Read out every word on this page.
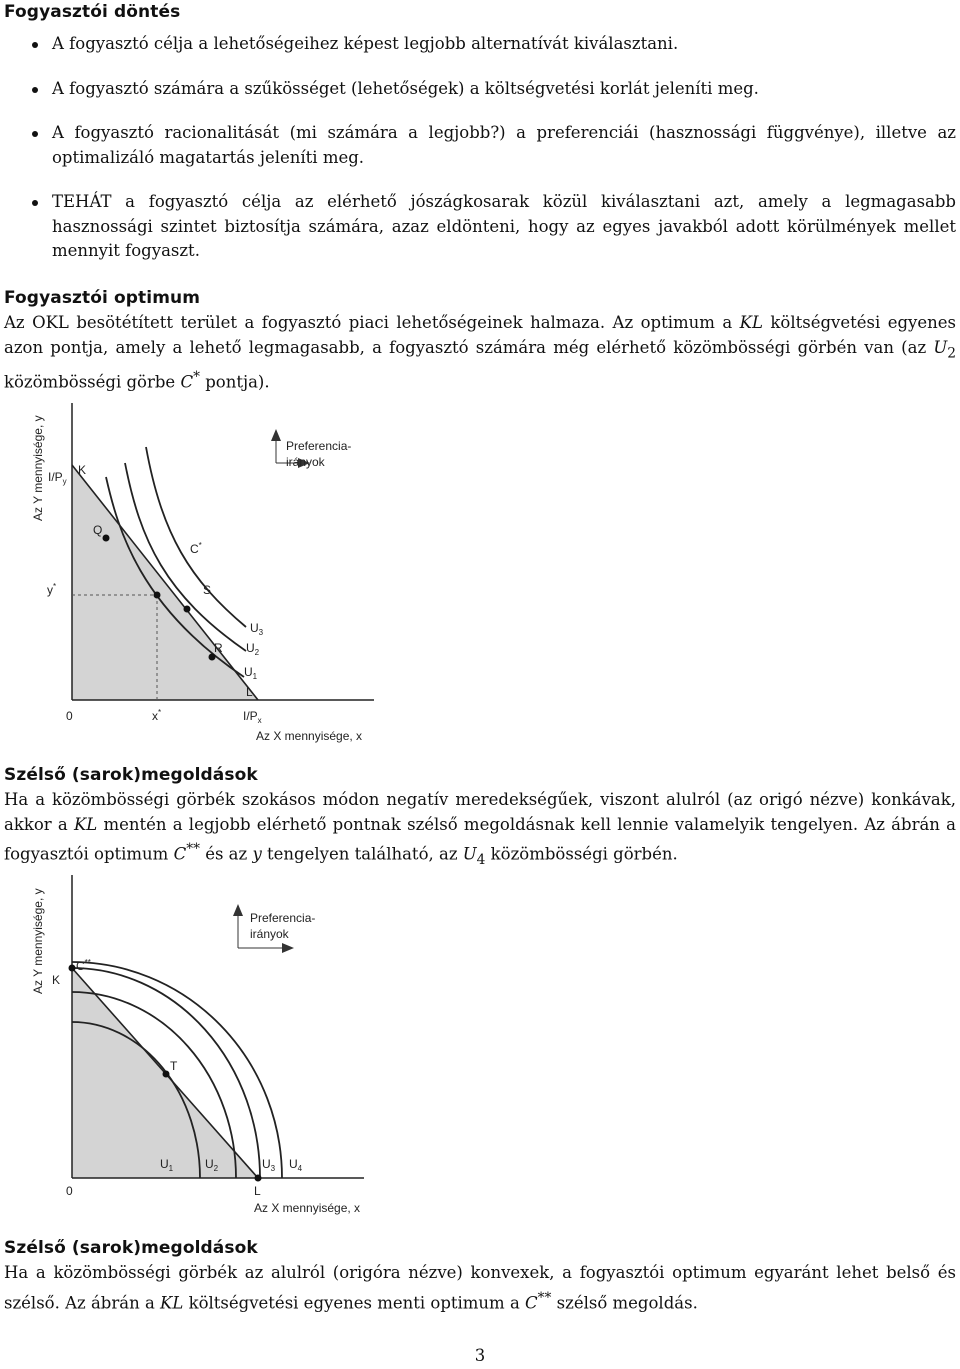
Fogyasztói döntés
A fogyasztó célja a lehetőségeihez képest legjobb alternatívát kiválasztani.
A fogyasztó számára a szűkösséget (lehetőségek) a költségvetési korlát jeleníti meg.
A fogyasztó racionalitását (mi számára a legjobb?) a preferenciái (hasznossági függvénye), illetve az optimalizáló magatartás jeleníti meg.
TEHÁT a fogyasztó célja az elérhető jószágkosarak közül kiválasztani azt, amely a legmagasabb hasznossági szintet biztosítja számára, azaz eldönteni, hogy az egyes javakból adott körülmények mellet mennyit fogyaszt.
Fogyasztói optimum
Az OKL besötétített terület a fogyasztó piaci lehetőségeinek halmaza. Az optimum a KL költségvetési egyenes azon pontja, amely a lehető legmagasabb, a fogyasztó számára még elérhető közömbösségi görbén van (az $U_2$ közömbösségi görbe C* pontja).
Preferencia-
irányok
Az Y mennyisége, y
Az X mennyisége, x
$I/P_y$
K
Q
C*
y*	S
R
$U_3$
$U_2$
$U_1$
L
0	x*	$I/P_x$
Szélső (sarok)megoldások
Ha a közömbösségi görbék szokásos módon negatív meredekségűek, viszont alulról (az origó nézve) konkávak, akkor a KL mentén a legjobb elérhető pontnak szélső megoldásnak kell lennie valamelyik tengelyen. Az ábrán a fogyasztói optimum C** és az y tengelyen található, az $U_4$ közömbösségi görbén.
Preferencia-
irányok
Az Y mennyisége, y
Az X mennyisége, x
K
C**
T
$U_1$	$U_2$	$U_3$ $U_4$
0	L
Szélső (sarok)megoldások
Ha a közömbösségi görbék az alulról (origóra nézve) konvexek, a fogyasztói optimum egyaránt lehet belső és szélső. Az ábrán a KL költségvetési egyenes menti optimum a C** szélső megoldás.
3
